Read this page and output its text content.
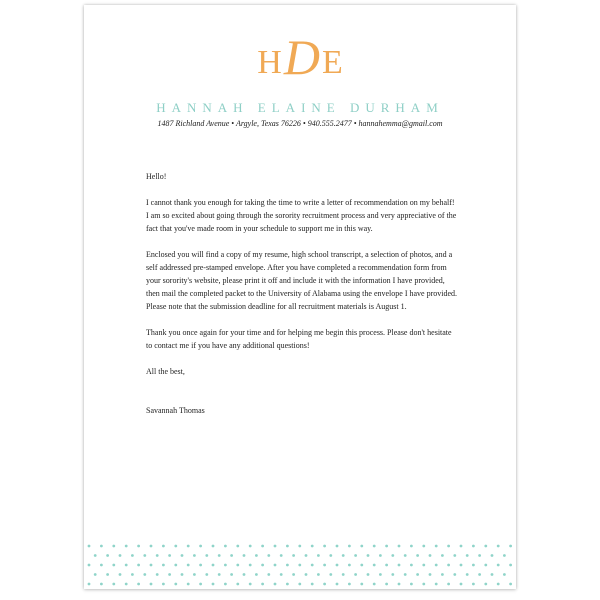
HDE
HANNAH ELAINE DURHAM
1487 Richland Avenue • Argyle, Texas 76226 • 940.555.2477 • hannahemma@gmail.com

Hello!

I cannot thank you enough for taking the time to write a letter of recommendation on my behalf! I am so excited about going through the sorority recruitment process and very appreciative of the fact that you've made room in your schedule to support me in this way.

Enclosed you will find a copy of my resume, high school transcript, a selection of photos, and a self addressed pre-stamped envelope. After you have completed a recommendation form from your sorority's website, please print it off and include it with the information I have provided, then mail the completed packet to the University of Alabama using the envelope I have provided. Please note that the submission deadline for all recruitment materials is August 1.

Thank you once again for your time and for helping me begin this process. Please don't hesitate to contact me if you have any additional questions!

All the best,

Savannah Thomas
